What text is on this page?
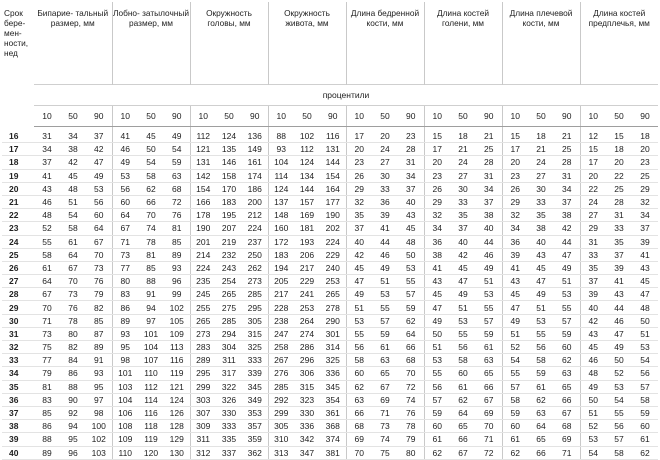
Срок бере- мен- ности, нед	Бипарие- тальный размер, мм			Лобно- затылочный размер, мм			Окружность головы, мм			Окружность живота, мм			Длина бедренной кости, мм			Длина костей голени, мм			Длина плечевой кости, мм			Длина костей предплечья, мм		
	процентили																							
	10	50	90	10	50	90	10	50	90	10	50	90	10	50	90	10	50	90	10	50	90	10	50	90
16	31	34	37	41	45	49	112	124	136	88	102	116	17	20	23	15	18	21	15	18	21	12	15	18
17	34	38	42	46	50	54	121	135	149	93	112	131	20	24	28	17	21	25	17	21	25	15	18	20
18	37	42	47	49	54	59	131	146	161	104	124	144	23	27	31	20	24	28	20	24	28	17	20	23
19	41	45	49	53	58	63	142	158	174	114	134	154	26	30	34	23	27	31	23	27	31	20	22	25
20	43	48	53	56	62	68	154	170	186	124	144	164	29	33	37	26	30	34	26	30	34	22	25	29
21	46	51	56	60	66	72	166	183	200	137	157	177	32	36	40	29	33	37	29	33	37	24	28	32
22	48	54	60	64	70	76	178	195	212	148	169	190	35	39	43	32	35	38	32	35	38	27	31	34
23	52	58	64	67	74	81	190	207	224	160	181	202	37	41	45	34	37	40	34	38	42	29	33	37
24	55	61	67	71	78	85	201	219	237	172	193	224	40	44	48	36	40	44	36	40	44	31	35	39
25	58	64	70	73	81	89	214	232	250	183	206	229	42	46	50	38	42	46	39	43	47	33	37	41
26	61	67	73	77	85	93	224	243	262	194	217	240	45	49	53	41	45	49	41	45	49	35	39	43
27	64	70	76	80	88	96	235	254	273	205	229	253	47	51	55	43	47	51	43	47	51	37	41	45
28	67	73	79	83	91	99	245	265	285	217	241	265	49	53	57	45	49	53	45	49	53	39	43	47
29	70	76	82	86	94	102	255	275	295	228	253	278	51	55	59	47	51	55	47	51	55	40	44	48
30	71	78	85	89	97	105	265	285	305	238	264	290	53	57	62	49	53	57	49	53	57	42	46	50
31	73	80	87	93	101	109	273	294	315	247	274	301	55	59	64	50	55	59	51	55	59	43	47	51
32	75	82	89	95	104	113	283	304	325	258	286	314	56	61	66	51	56	61	52	56	60	45	49	53
33	77	84	91	98	107	116	289	311	333	267	296	325	58	63	68	53	58	63	54	58	62	46	50	54
34	79	86	93	101	110	119	295	317	339	276	306	336	60	65	70	55	60	65	55	59	63	48	52	56
35	81	88	95	103	112	121	299	322	345	285	315	345	62	67	72	56	61	66	57	61	65	49	53	57
36	83	90	97	104	114	124	303	326	349	292	323	354	63	69	74	57	62	67	58	62	66	50	54	58
37	85	92	98	106	116	126	307	330	353	299	330	361	66	71	76	59	64	69	59	63	67	51	55	59
38	86	94	100	108	118	128	309	333	357	305	336	368	68	73	78	60	65	70	60	64	68	52	56	60
39	88	95	102	109	119	129	311	335	359	310	342	374	69	74	79	61	66	71	61	65	69	53	57	61
40	89	96	103	110	120	130	312	337	362	313	347	381	70	75	80	62	67	72	62	66	71	54	58	62
